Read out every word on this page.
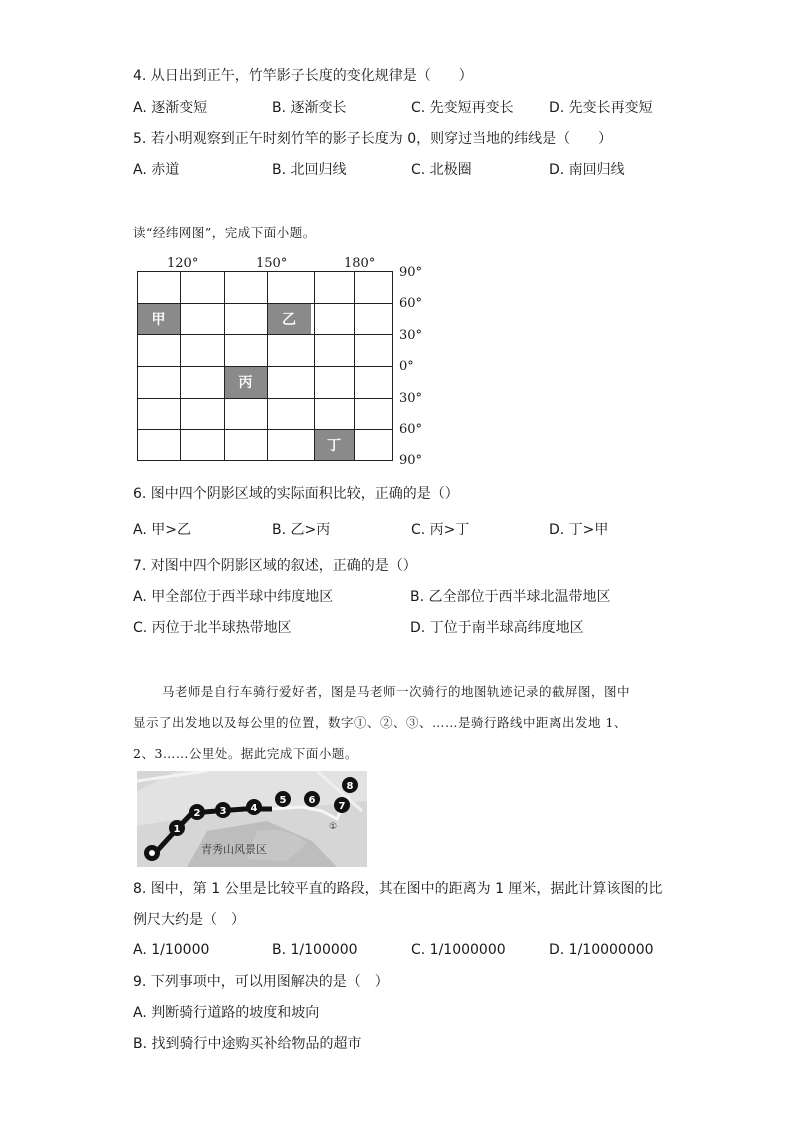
4. 从日出到正午，竹竿影子长度的变化规律是（　　）
A. 逐渐变短	B. 逐渐变长	C. 先变短再变长	D. 先变长再变短
5. 若小明观察到正午时刻竹竿的影子长度为 0，则穿过当地的纬线是（　　）
A. 赤道	B. 北回归线	C. 北极圈	D. 南回归线
读“经纬网图”，完成下面小题。
120°	150°	180°
甲	乙
丙
丁
90°
60°
30°
0°
30°
60°
90°
6. 图中四个阴影区域的实际面积比较，正确的是（）
A. 甲>乙	B. 乙>丙	C. 丙>丁	D. 丁>甲
7. 对图中四个阴影区域的叙述，正确的是（）
A. 甲全部位于西半球中纬度地区	B. 乙全部位于西半球北温带地区
C. 丙位于北半球热带地区	D. 丁位于南半球高纬度地区
马老师是自行车骑行爱好者，图是马老师一次骑行的地图轨迹记录的截屏图，图中
显示了出发地以及每公里的位置，数字①、②、③、……是骑行路线中距离出发地 1、
2、3……公里处。据此完成下面小题。
青秀山风景区
①
1
2 3 4
5 6
7
8
8. 图中，第 1 公里是比较平直的路段，其在图中的距离为 1 厘米，据此计算该图的比
例尺大约是（　）
A. 1/10000	B. 1/100000	C. 1/1000000	D. 1/10000000
9. 下列事项中，可以用图解决的是（　）
A. 判断骑行道路的坡度和坡向
B. 找到骑行中途购买补给物品的超市
